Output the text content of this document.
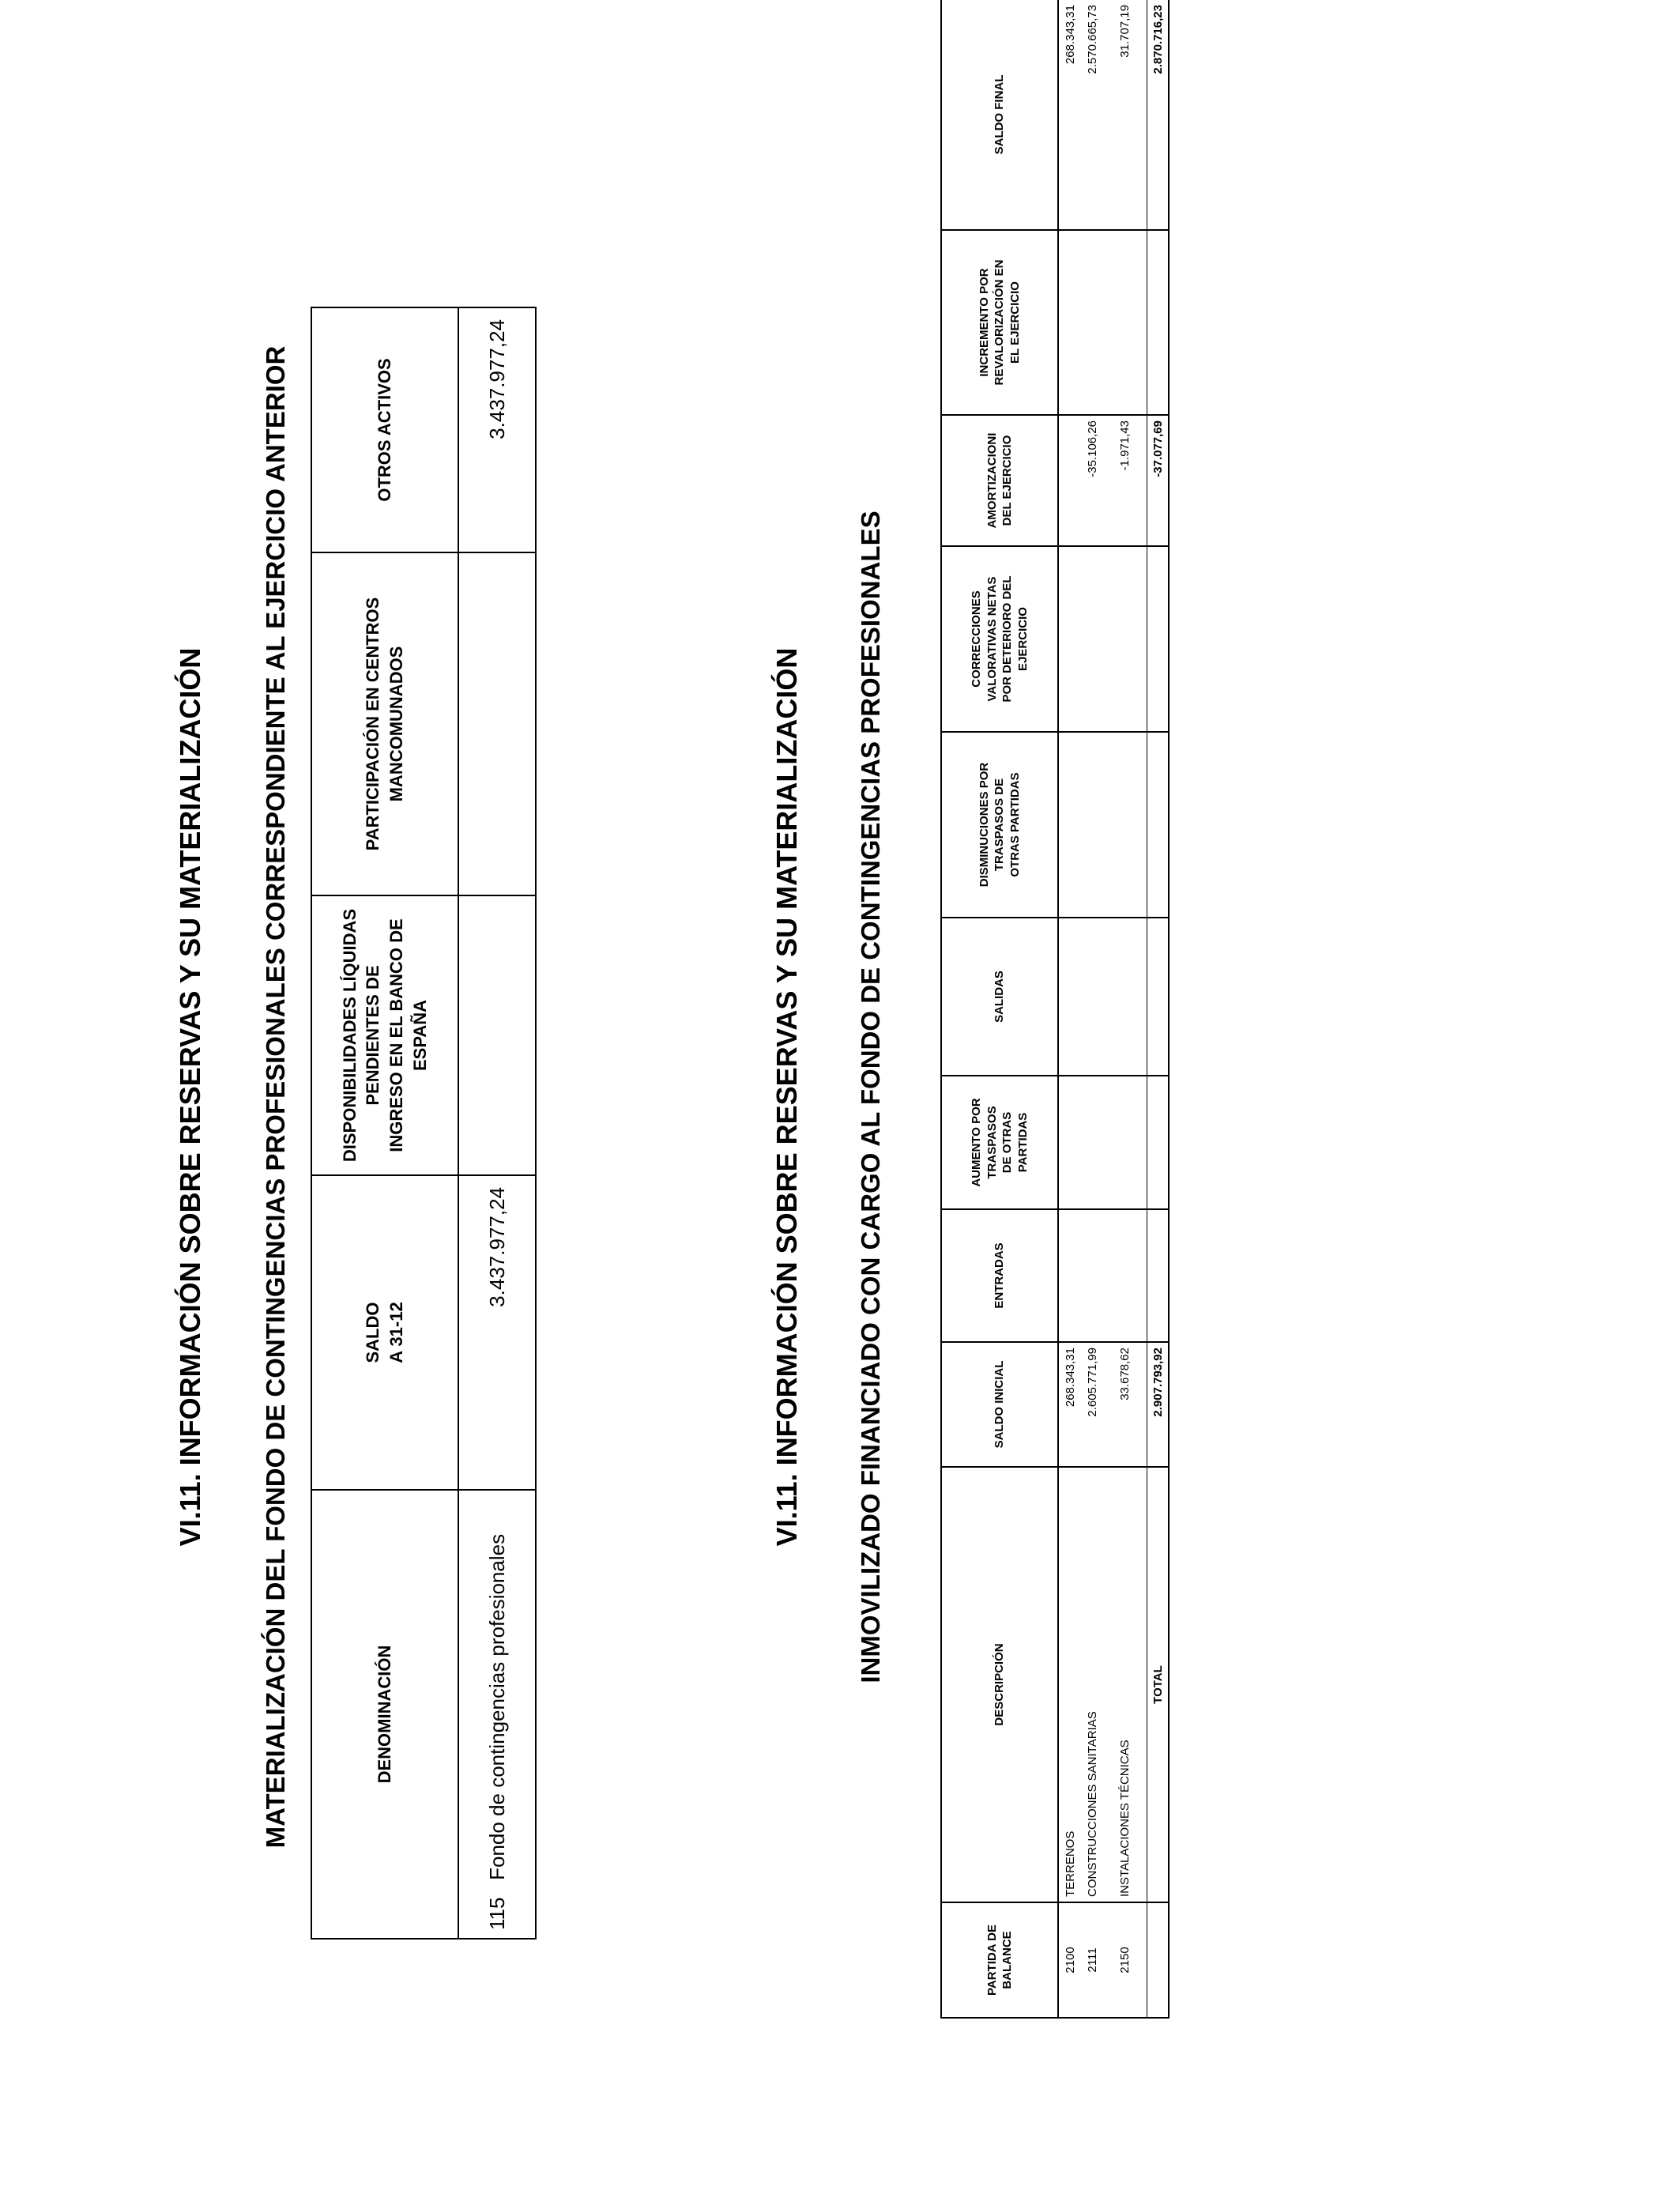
VI.11. INFORMACIÓN SOBRE RESERVAS Y SU MATERIALIZACIÓN MATERIALIZACIÓN DEL FONDO DE CONTINGENCIAS PROFESIONALES CORRESPONDIENTE AL EJERCICIO ANTERIOR	DENOMINACIÓN	SALDO A 31-12	DISPONIBILIDADES LÍQUIDAS PENDIENTES DE INGRESO EN EL BANCO DE ESPAÑA	PARTICIPACIÓN EN CENTROS MANCOMUNADOS	OTROS ACTIVOS
115   Fondo de contingencias profesionales	3.437.977,24			3.437.977,24
VI.11. INFORMACIÓN SOBRE RESERVAS Y SU MATERIALIZACIÓN INMOVILIZADO FINANCIADO CON CARGO AL FONDO DE CONTINGENCIAS PROFESIONALES
PARTIDA DE BALANCE	DESCRIPCIÓN	SALDO INICIAL	ENTRADAS	AUMENTO POR TRASPASOS DE OTRAS PARTIDAS	SALIDAS	DISMINUCIONES POR TRASPASOS DE OTRAS PARTIDAS	CORRECCIONES VALORATIVAS NETAS POR DETERIORO DEL EJERCICIO	AMORTIZACIONI DEL EJERCICIO	INCREMENTO POR REVALORIZACIÓN EN EL EJERCICIO	SALDO FINAL
2100	TERRENOS	268.343,31								268.343,31
2111	CONSTRUCCIONES SANITARIAS	2.605.771,99						-35.106,26		2.570.665,73
2150	INSTALACIONES TÉCNICAS	33.678,62						-1.971,43		31.707,19
	TOTAL	2.907.793,92						-37.077,69		2.870.716,23
